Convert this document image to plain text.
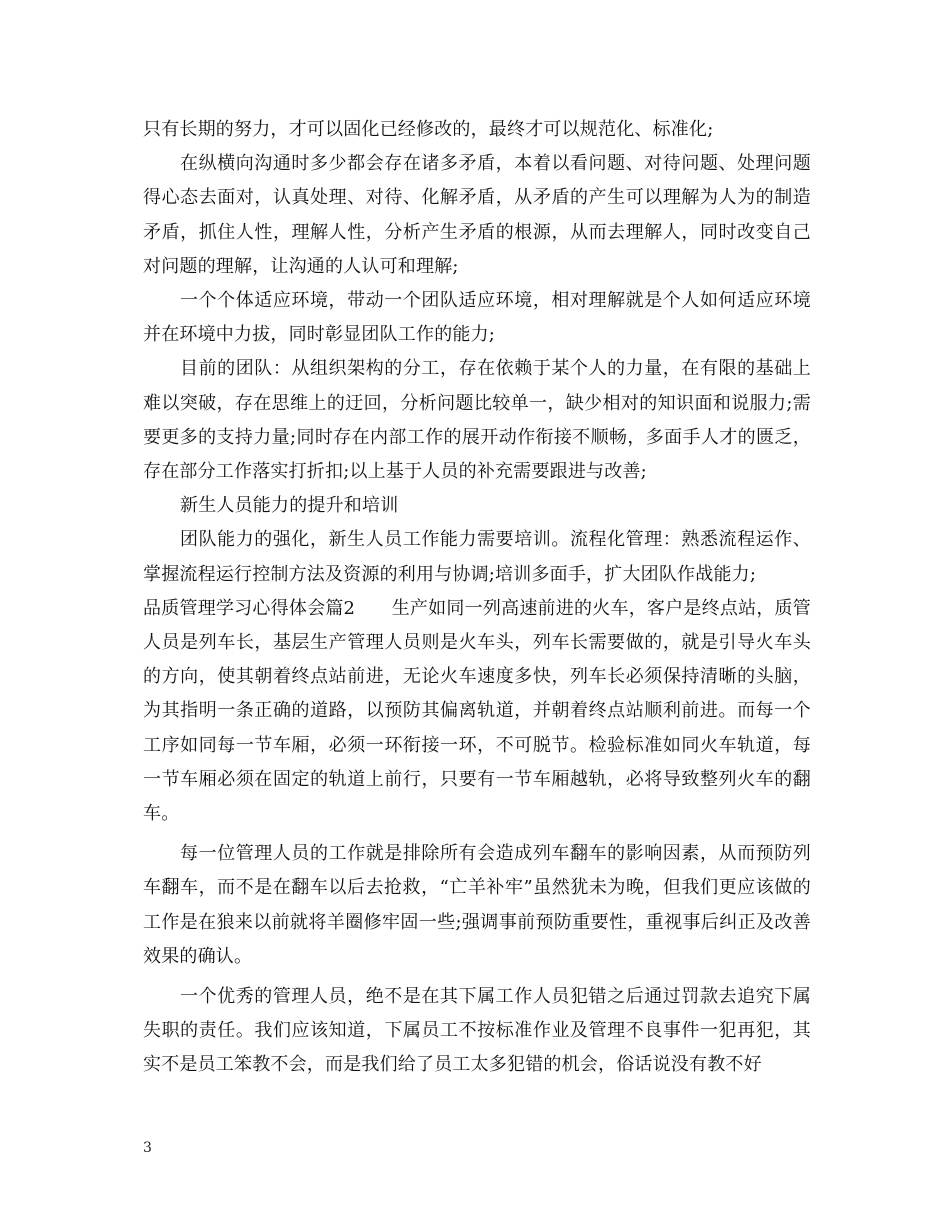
只有长期的努力，才可以固化已经修改的，最终才可以规范化、标准化;

在纵横向沟通时多少都会存在诸多矛盾，本着以看问题、对待问题、处理问题得心态去面对，认真处理、对待、化解矛盾，从矛盾的产生可以理解为人为的制造矛盾，抓住人性，理解人性，分析产生矛盾的根源，从而去理解人，同时改变自己对问题的理解，让沟通的人认可和理解;

一个个体适应环境，带动一个团队适应环境，相对理解就是个人如何适应环境并在环境中力拔，同时彰显团队工作的能力;

目前的团队：从组织架构的分工，存在依赖于某个人的力量，在有限的基础上难以突破，存在思维上的迂回，分析问题比较单一，缺少相对的知识面和说服力;需要更多的支持力量;同时存在内部工作的展开动作衔接不顺畅，多面手人才的匮乏，存在部分工作落实打折扣;以上基于人员的补充需要跟进与改善;

新生人员能力的提升和培训

团队能力的强化，新生人员工作能力需要培训。流程化管理：熟悉流程运作、掌握流程运行控制方法及资源的利用与协调;培训多面手，扩大团队作战能力;

品质管理学习心得体会篇2　　生产如同一列高速前进的火车，客户是终点站，质管人员是列车长，基层生产管理人员则是火车头，列车长需要做的，就是引导火车头的方向，使其朝着终点站前进，无论火车速度多快，列车长必须保持清晰的头脑，为其指明一条正确的道路，以预防其偏离轨道，并朝着终点站顺利前进。而每一个工序如同每一节车厢，必须一环衔接一环，不可脱节。检验标准如同火车轨道，每一节车厢必须在固定的轨道上前行，只要有一节车厢越轨，必将导致整列火车的翻车。

每一位管理人员的工作就是排除所有会造成列车翻车的影响因素，从而预防列车翻车，而不是在翻车以后去抢救，“亡羊补牢”虽然犹未为晚，但我们更应该做的工作是在狼来以前就将羊圈修牢固一些;强调事前预防重要性，重视事后纠正及改善效果的确认。

一个优秀的管理人员，绝不是在其下属工作人员犯错之后通过罚款去追究下属失职的责任。我们应该知道，下属员工不按标准作业及管理不良事件一犯再犯，其实不是员工笨教不会，而是我们给了员工太多犯错的机会，俗话说没有教不好

3
